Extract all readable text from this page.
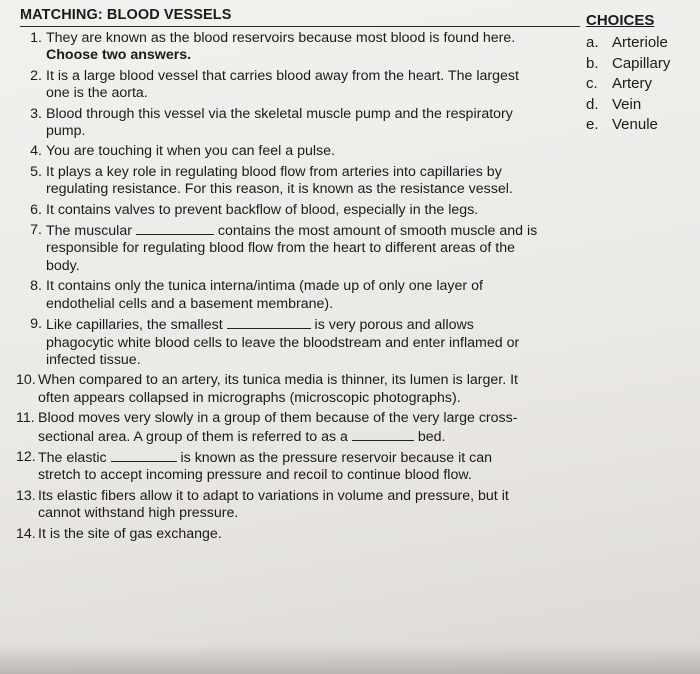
MATCHING: BLOOD VESSELS	CHOICES
a. Arteriole
b. Capillary
c. Artery
d. Vein
e. Venule
1. They are known as the blood reservoirs because most blood is found here. Choose two answers.
2. It is a large blood vessel that carries blood away from the heart. The largest one is the aorta.
3. Blood through this vessel via the skeletal muscle pump and the respiratory pump.
4. You are touching it when you can feel a pulse.
5. It plays a key role in regulating blood flow from arteries into capillaries by regulating resistance. For this reason, it is known as the resistance vessel.
6. It contains valves to prevent backflow of blood, especially in the legs.
7. The muscular	contains the most amount of smooth muscle and is responsible for regulating blood flow from the heart to different areas of the body.
8. It contains only the tunica interna/intima (made up of only one layer of endothelial cells and a basement membrane).
9. Like capillaries, the smallest	is very porous and allows phagocytic white blood cells to leave the bloodstream and enter inflamed or infected tissue.
10. When compared to an artery, its tunica media is thinner, its lumen is larger. It often appears collapsed in micrographs (microscopic photographs).
11. Blood moves very slowly in a group of them because of the very large cross-sectional area. A group of them is referred to as a	bed.
12. The elastic	is known as the pressure reservoir because it can stretch to accept incoming pressure and recoil to continue blood flow.
13. Its elastic fibers allow it to adapt to variations in volume and pressure, but it cannot withstand high pressure.
14. It is the site of gas exchange.
